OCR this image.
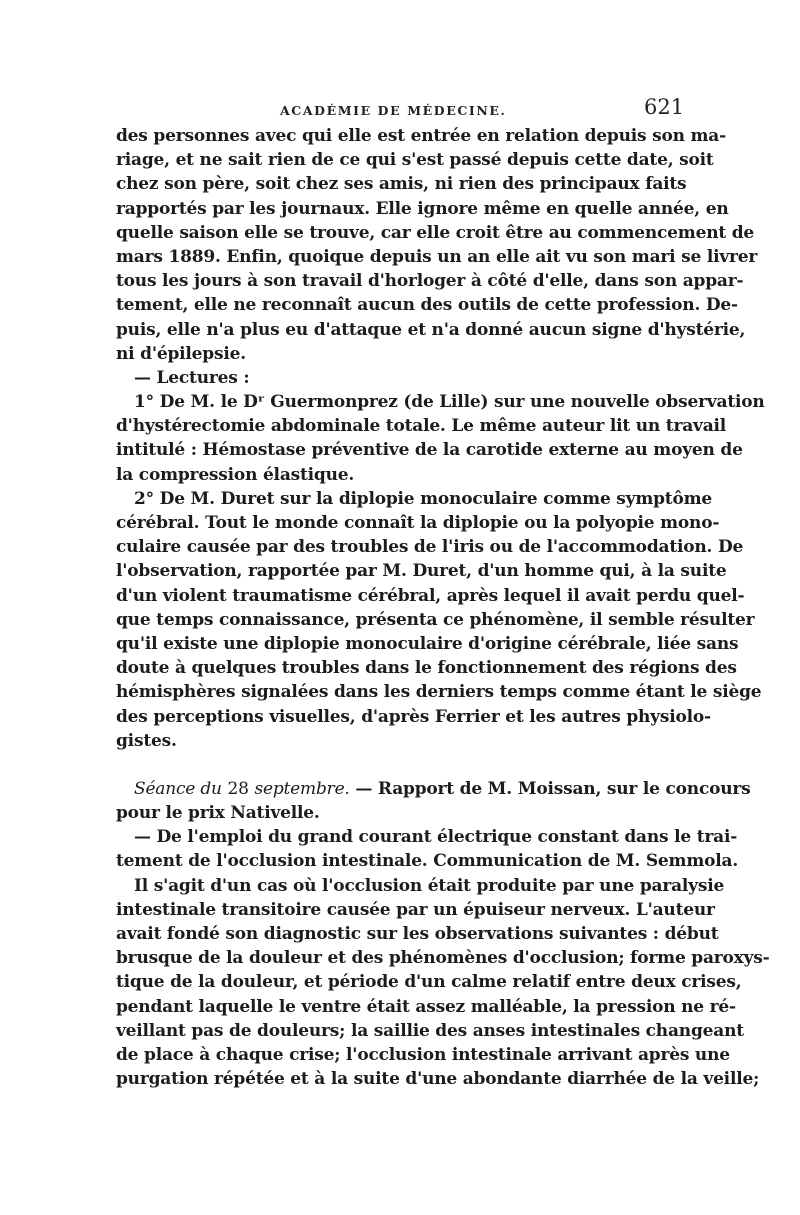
ACADÉMIE DE MÉDECINE.	621
des personnes avec qui elle est entrée en relation depuis son ma-
riage, et ne sait rien de ce qui s'est passé depuis cette date, soit
chez son père, soit chez ses amis, ni rien des principaux faits
rapportés par les journaux. Elle ignore même en quelle année, en
quelle saison elle se trouve, car elle croit être au commencement de
mars 1889. Enfin, quoique depuis un an elle ait vu son mari se livrer
tous les jours à son travail d'horloger à côté d'elle, dans son appar-
tement, elle ne reconnaît aucun des outils de cette profession. De-
puis, elle n'a plus eu d'attaque et n'a donné aucun signe d'hystérie,
ni d'épilepsie.
— Lectures :
1° De M. le Dʳ Guermonprez (de Lille) sur une nouvelle observation
d'hystérectomie abdominale totale. Le même auteur lit un travail
intitulé : Hémostase préventive de la carotide externe au moyen de
la compression élastique.
2° De M. Duret sur la diplopie monoculaire comme symptôme
cérébral. Tout le monde connaît la diplopie ou la polyopie mono-
culaire causée par des troubles de l'iris ou de l'accommodation. De
l'observation, rapportée par M. Duret, d'un homme qui, à la suite
d'un violent traumatisme cérébral, après lequel il avait perdu quel-
que temps connaissance, présenta ce phénomène, il semble résulter
qu'il existe une diplopie monoculaire d'origine cérébrale, liée sans
doute à quelques troubles dans le fonctionnement des régions des
hémisphères signalées dans les derniers temps comme étant le siège
des perceptions visuelles, d'après Ferrier et les autres physiolo-
gistes.
Séance du 28 septembre. — Rapport de M. Moissan, sur le concours
pour le prix Nativelle.
— De l'emploi du grand courant électrique constant dans le trai-
tement de l'occlusion intestinale. Communication de M. Semmola.
Il s'agit d'un cas où l'occlusion était produite par une paralysie
intestinale transitoire causée par un épuiseur nerveux. L'auteur
avait fondé son diagnostic sur les observations suivantes : début
brusque de la douleur et des phénomènes d'occlusion; forme paroxys-
tique de la douleur, et période d'un calme relatif entre deux crises,
pendant laquelle le ventre était assez malléable, la pression ne ré-
veillant pas de douleurs; la saillie des anses intestinales changeant
de place à chaque crise; l'occlusion intestinale arrivant après une
purgation répétée et à la suite d'une abondante diarrhée de la veille;
